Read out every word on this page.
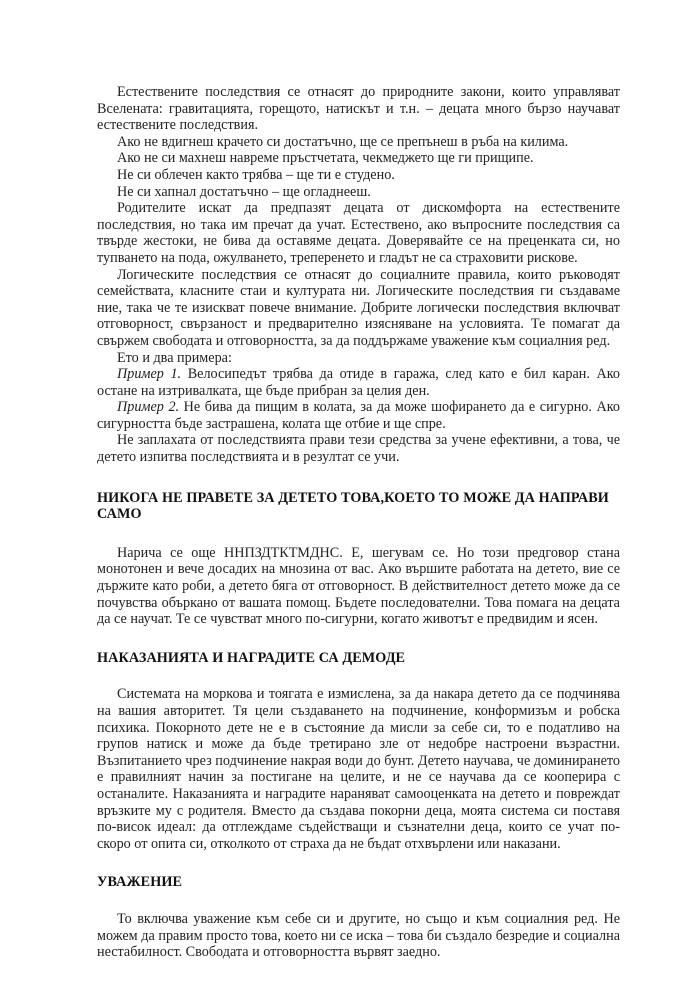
Естествените последствия се отнасят до природните закони, които управляват Вселената: гравитацията, горещото, натискът и т.н. – децата много бързо научават естествените последствия.

Ако не вдигнеш крачето си достатъчно, ще се препънеш в ръба на килима.

Ако не си махнеш навреме пръстчетата, чекмеджето ще ги прищипе.

Не си облечен както трябва – ще ти е студено.

Не си хапнал достатъчно – ще огладнееш.

Родителите искат да предпазят децата от дискомфорта на естествените последствия, но така им пречат да учат. Естествено, ако въпросните последствия са твърде жестоки, не бива да оставяме децата. Доверявайте се на преценката си, но тупването на пода, ожулването, треперенето и гладът не са страховити рискове.

Логическите последствия се отнасят до социалните правила, които ръководят семействата, класните стаи и културата ни. Логическите последствия ги създаваме ние, така че те изискват повече внимание. Добрите логически последствия включват отговорност, свързаност и предварително изясняване на условията. Те помагат да свържем свободата и отговорността, за да поддържаме уважение към социалния ред.

Ето и два примера:

Пример 1. Велосипедът трябва да отиде в гаража, след като е бил каран. Ако остане на изтривалката, ще бъде прибран за целия ден.

Пример 2. Не бива да пищим в колата, за да може шофирането да е сигурно. Ако сигурността бъде застрашена, колата ще отбие и ще спре.

Не заплахата от последствията прави тези средства за учене ефективни, а това, че детето изпитва последствията и в резултат се учи.

НИКОГА НЕ ПРАВЕТЕ ЗА ДЕТЕТО ТОВА,КОЕТО ТО МОЖЕ ДА НАПРАВИ САМО

Нарича се още ННПЗДТКТМДНС. Е, шегувам се. Но този предговор стана монотонен и вече досадих на мнозина от вас. Ако вършите работата на детето, вие се държите като роби, а детето бяга от отговорност. В действителност детето може да се почувства объркано от вашата помощ. Бъдете последователни. Това помага на децата да се научат. Те се чувстват много по-сигурни, когато животът е предвидим и ясен.

НАКАЗАНИЯТА И НАГРАДИТЕ СА ДЕМОДЕ

Системата на моркова и тоягата е измислена, за да накара детето да се подчинява на вашия авторитет. Тя цели създаването на подчинение, конформизъм и робска психика. Покорното дете не е в състояние да мисли за себе си, то е податливо на групов натиск и може да бъде третирано зле от недобре настроени възрастни. Възпитанието чрез подчинение накрая води до бунт. Детето научава, че доминирането е правилният начин за постигане на целите, и не се научава да се кооперира с останалите. Наказанията и наградите нараняват самооценката на детето и повреждат връзките му с родителя. Вместо да създава покорни деца, моята система си поставя по-висок идеал: да отглеждаме съдействащи и съзнателни деца, които се учат по-скоро от опита си, отколкото от страха да не бъдат отхвърлени или наказани.

УВАЖЕНИЕ

То включва уважение към себе си и другите, но също и към социалния ред. Не можем да правим просто това, което ни се иска – това би създало безредие и социална нестабилност. Свободата и отговорността вървят заедно.
